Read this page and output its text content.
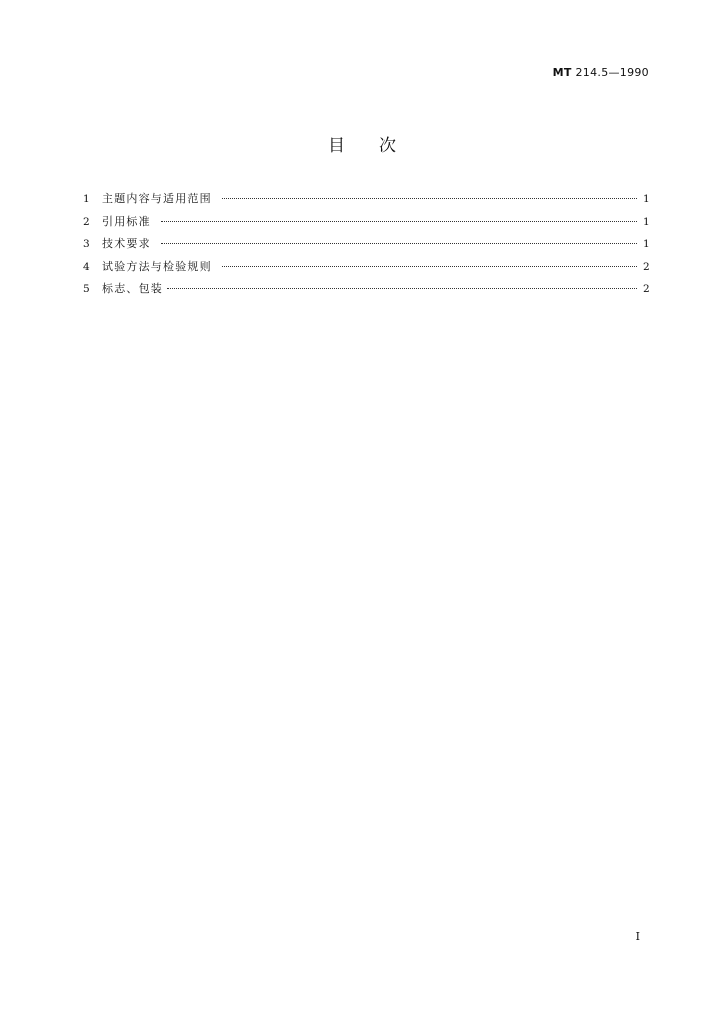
MT 214.5—1990
目次
1	主题内容与适用范围	1
2	引用标准	1
3	技术要求	1
4	试验方法与检验规则	2
5	标志、包装	2
I
